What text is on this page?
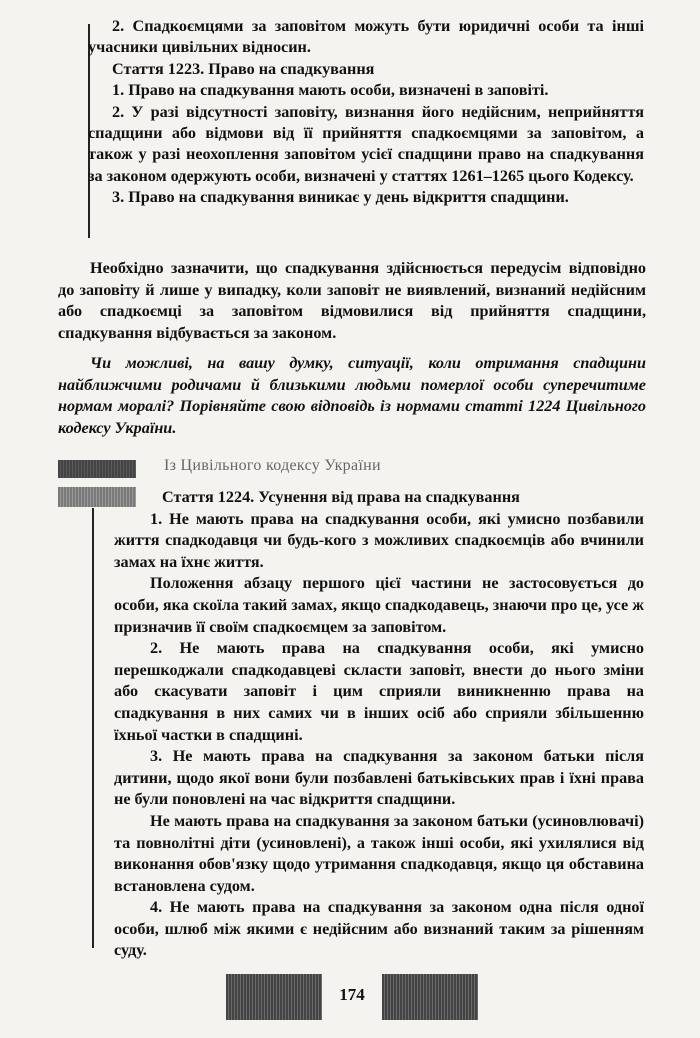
2. Спадкоємцями за заповітом можуть бути юридичні особи та інші учасники цивільних відносин.

Стаття 1223. Право на спадкування

1. Право на спадкування мають особи, визначені в заповіті.

2. У разі відсутності заповіту, визнання його недійсним, неприйняття спадщини або відмови від її прийняття спадкоємцями за заповітом, а також у разі неохоплення заповітом усієї спадщини право на спадкування за законом одержують особи, визначені у статтях 1261–1265 цього Кодексу.

3. Право на спадкування виникає у день відкриття спадщини.

Необхідно зазначити, що спадкування здійснюється передусім відповідно до заповіту й лише у випадку, коли заповіт не виявлений, визнаний недійсним або спадкоємці за заповітом відмовилися від прийняття спадщини, спадкування відбувається за законом.

Чи можливі, на вашу думку, ситуації, коли отримання спадщини найближчими родичами й близькими людьми померлої особи суперечитиме нормам моралі? Порівняйте свою відповідь із нормами статті 1224 Цивільного кодексу України.

Із Цивільного кодексу України

Стаття 1224. Усунення від права на спадкування

1. Не мають права на спадкування особи, які умисно позбавили життя спадкодавця чи будь-кого з можливих спадкоємців або вчинили замах на їхнє життя.

Положення абзацу першого цієї частини не застосовується до особи, яка скоїла такий замах, якщо спадкодавець, знаючи про це, усе ж призначив її своїм спадкоємцем за заповітом.

2. Не мають права на спадкування особи, які умисно перешкоджали спадкодавцеві скласти заповіт, внести до нього зміни або скасувати заповіт і цим сприяли виникненню права на спадкування в них самих чи в інших осіб або сприяли збільшенню їхньої частки в спадщині.

3. Не мають права на спадкування за законом батьки після дитини, щодо якої вони були позбавлені батьківських прав і їхні права не були поновлені на час відкриття спадщини.

Не мають права на спадкування за законом батьки (усиновлювачі) та повнолітні діти (усиновлені), а також інші особи, які ухилялися від виконання обов'язку щодо утримання спадкодавця, якщо ця обставина встановлена судом.

4. Не мають права на спадкування за законом одна після одної особи, шлюб між якими є недійсним або визнаний таким за рішенням суду.

174
